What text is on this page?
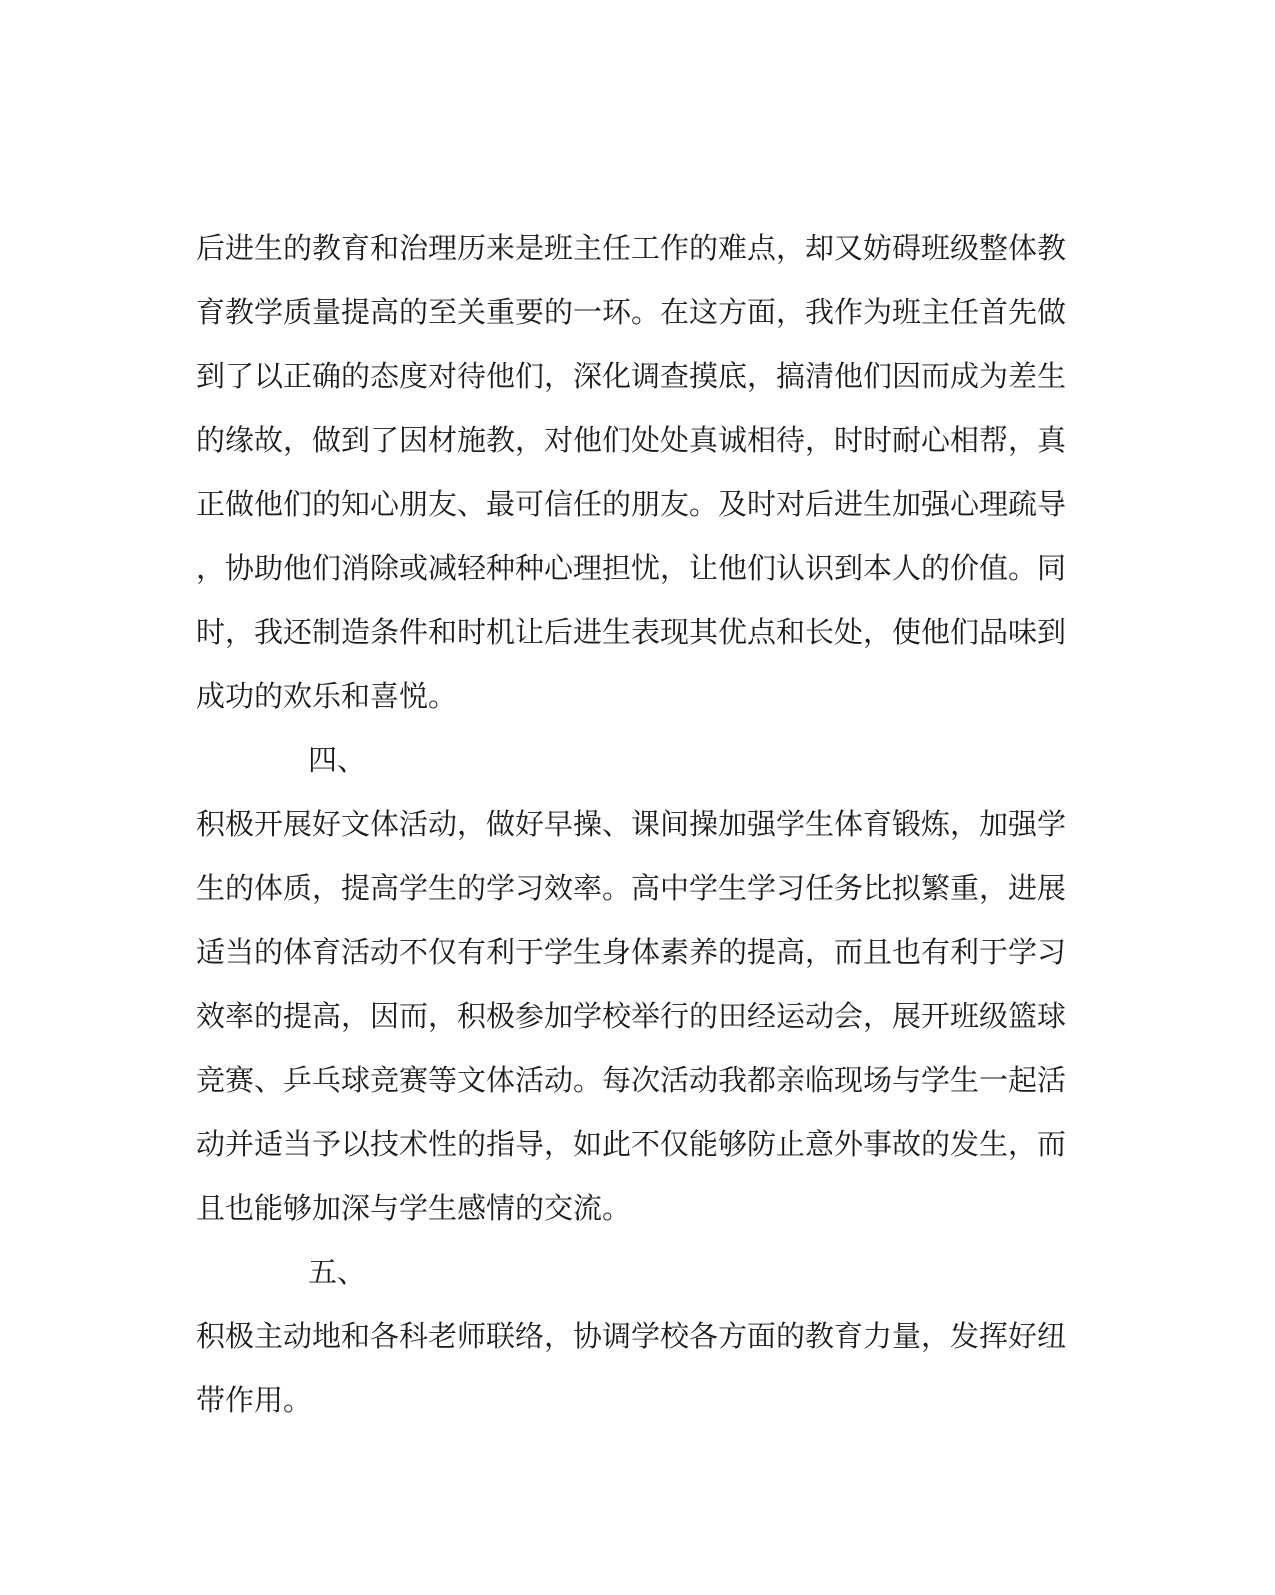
后进生的教育和治理历来是班主任工作的难点，却又妨碍班级整体教
育教学质量提高的至关重要的一环。在这方面，我作为班主任首先做
到了以正确的态度对待他们，深化调查摸底，搞清他们因而成为差生
的缘故，做到了因材施教，对他们处处真诚相待，时时耐心相帮，真
正做他们的知心朋友、最可信任的朋友。及时对后进生加强心理疏导
，协助他们消除或减轻种种心理担忧，让他们认识到本人的价值。同
时，我还制造条件和时机让后进生表现其优点和长处，使他们品味到
成功的欢乐和喜悦。
四、
积极开展好文体活动，做好早操、课间操加强学生体育锻炼，加强学
生的体质，提高学生的学习效率。高中学生学习任务比拟繁重，进展
适当的体育活动不仅有利于学生身体素养的提高，而且也有利于学习
效率的提高，因而，积极参加学校举行的田经运动会，展开班级篮球
竞赛、乒乓球竞赛等文体活动。每次活动我都亲临现场与学生一起活
动并适当予以技术性的指导，如此不仅能够防止意外事故的发生，而
且也能够加深与学生感情的交流。
五、
积极主动地和各科老师联络，协调学校各方面的教育力量，发挥好纽
带作用。
